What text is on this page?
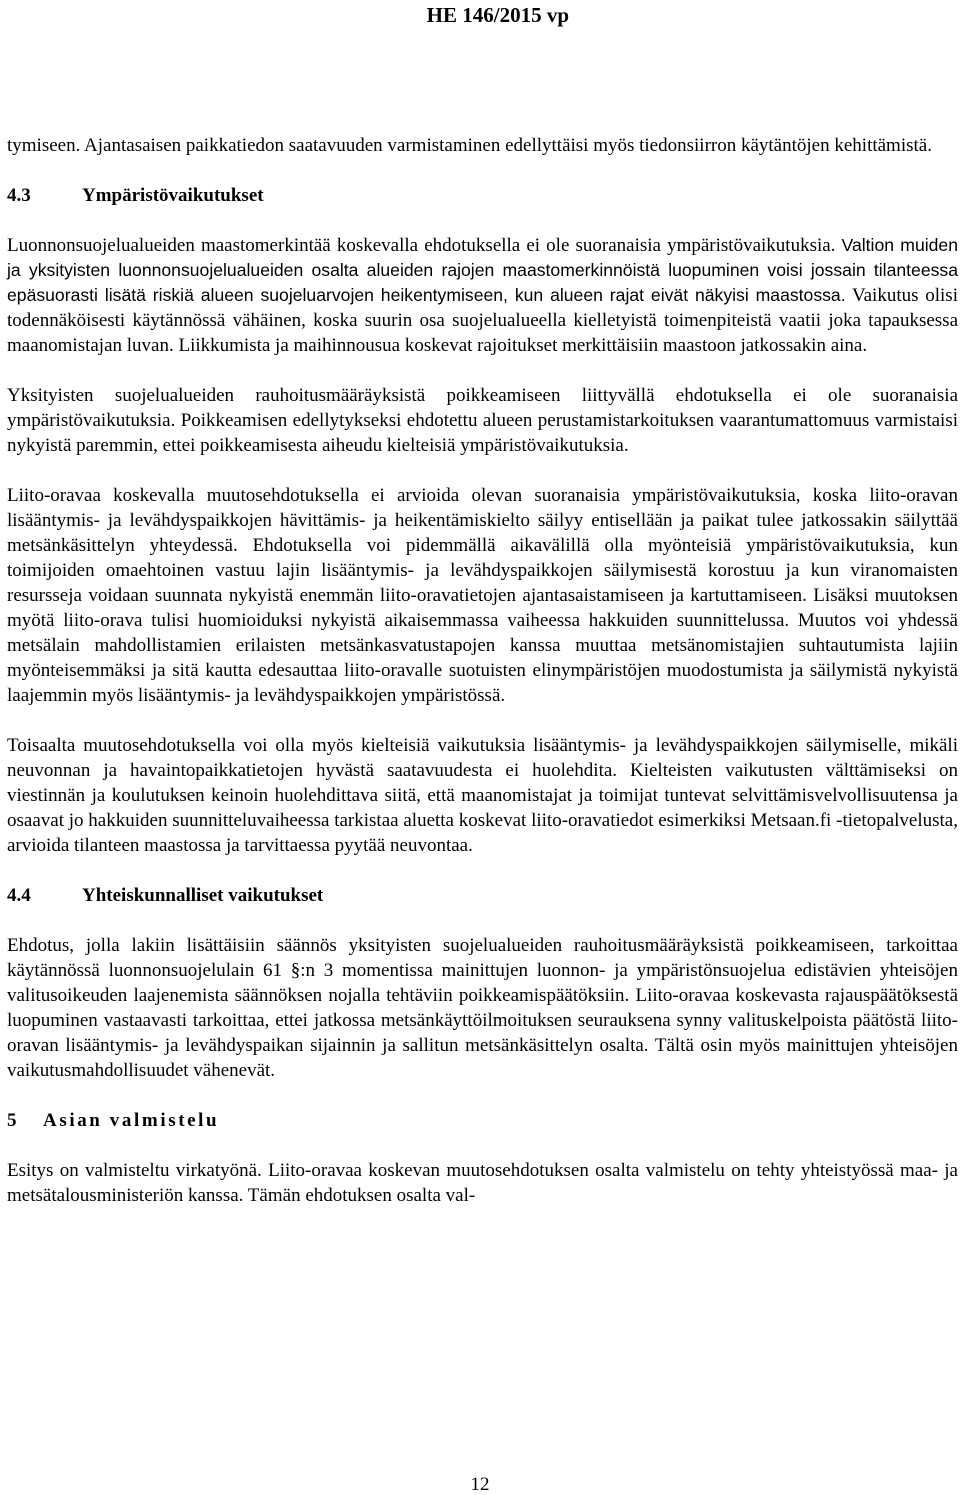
HE 146/2015 vp

tymiseen. Ajantasaisen paikkatiedon saatavuuden varmistaminen edellyttäisi myös tiedonsiirron käytäntöjen kehittämistä.

4.3	Ympäristövaikutukset

Luonnonsuojelualueiden maastomerkintää koskevalla ehdotuksella ei ole suoranaisia ympäristövaikutuksia. Valtion muiden ja yksityisten luonnonsuojelualueiden osalta alueiden rajojen maastomerkinnöistä luopuminen voisi jossain tilanteessa epäsuorasti lisätä riskiä alueen suojeluarvojen heikentymiseen, kun alueen rajat eivät näkyisi maastossa. Vaikutus olisi todennäköisesti käytännössä vähäinen, koska suurin osa suojelualueella kielletyistä toimenpiteistä vaatii joka tapauksessa maanomistajan luvan. Liikkumista ja maihinnousua koskevat rajoitukset merkittäisiin maastoon jatkossakin aina.

Yksityisten suojelualueiden rauhoitusmääräyksistä poikkeamiseen liittyvällä ehdotuksella ei ole suoranaisia ympäristövaikutuksia. Poikkeamisen edellytykseksi ehdotettu alueen perustamistarkoituksen vaarantumattomuus varmistaisi nykyistä paremmin, ettei poikkeamisesta aiheudu kielteisiä ympäristövaikutuksia.

Liito-oravaa koskevalla muutosehdotuksella ei arvioida olevan suoranaisia ympäristövaikutuksia, koska liito-oravan lisääntymis- ja levähdyspaikkojen hävittämis- ja heikentämiskielto säilyy entisellään ja paikat tulee jatkossakin säilyttää metsänkäsittelyn yhteydessä. Ehdotuksella voi pidemmällä aikavälillä olla myönteisiä ympäristövaikutuksia, kun toimijoiden omaehtoinen vastuu lajin lisääntymis- ja levähdyspaikkojen säilymisestä korostuu ja kun viranomaisten resursseja voidaan suunnata nykyistä enemmän liito-oravatietojen ajantasaistamiseen ja kartuttamiseen. Lisäksi muutoksen myötä liito-orava tulisi huomioiduksi nykyistä aikaisemmassa vaiheessa hakkuiden suunnittelussa. Muutos voi yhdessä metsälain mahdollistamien erilaisten metsänkasvatustapojen kanssa muuttaa metsänomistajien suhtautumista lajiin myönteisemmäksi ja sitä kautta edesauttaa liito-oravalle suotuisten elinympäristöjen muodostumista ja säilymistä nykyistä laajemmin myös lisääntymis- ja levähdyspaikkojen ympäristössä.

Toisaalta muutosehdotuksella voi olla myös kielteisiä vaikutuksia lisääntymis- ja levähdyspaikkojen säilymiselle, mikäli neuvonnan ja havaintopaikkatietojen hyvästä saatavuudesta ei huolehdita. Kielteisten vaikutusten välttämiseksi on viestinnän ja koulutuksen keinoin huolehdittava siitä, että maanomistajat ja toimijat tuntevat selvittämisvelvollisuutensa ja osaavat jo hakkuiden suunnitteluvaiheessa tarkistaa aluetta koskevat liito-oravatiedot esimerkiksi Metsaan.fi -tietopalvelusta, arvioida tilanteen maastossa ja tarvittaessa pyytää neuvontaa.

4.4	Yhteiskunnalliset vaikutukset

Ehdotus, jolla lakiin lisättäisiin säännös yksityisten suojelualueiden rauhoitusmääräyksistä poikkeamiseen, tarkoittaa käytännössä luonnonsuojelulain 61 §:n 3 momentissa mainittujen luonnon- ja ympäristönsuojelua edistävien yhteisöjen valitusoikeuden laajenemista säännöksen nojalla tehtäviin poikkeamispäätöksiin. Liito-oravaa koskevasta rajauspäätöksestä luopuminen vastaavasti tarkoittaa, ettei jatkossa metsänkäyttöilmoituksen seurauksena synny valituskelpoista päätöstä liito-oravan lisääntymis- ja levähdyspaikan sijainnin ja sallitun metsänkäsittelyn osalta. Tältä osin myös mainittujen yhteisöjen vaikutusmahdollisuudet vähenevät.

5 Asian valmistelu

Esitys on valmisteltu virkatyönä. Liito-oravaa koskevan muutosehdotuksen osalta valmistelu on tehty yhteistyössä maa- ja metsätalousministeriön kanssa. Tämän ehdotuksen osalta val-

12
